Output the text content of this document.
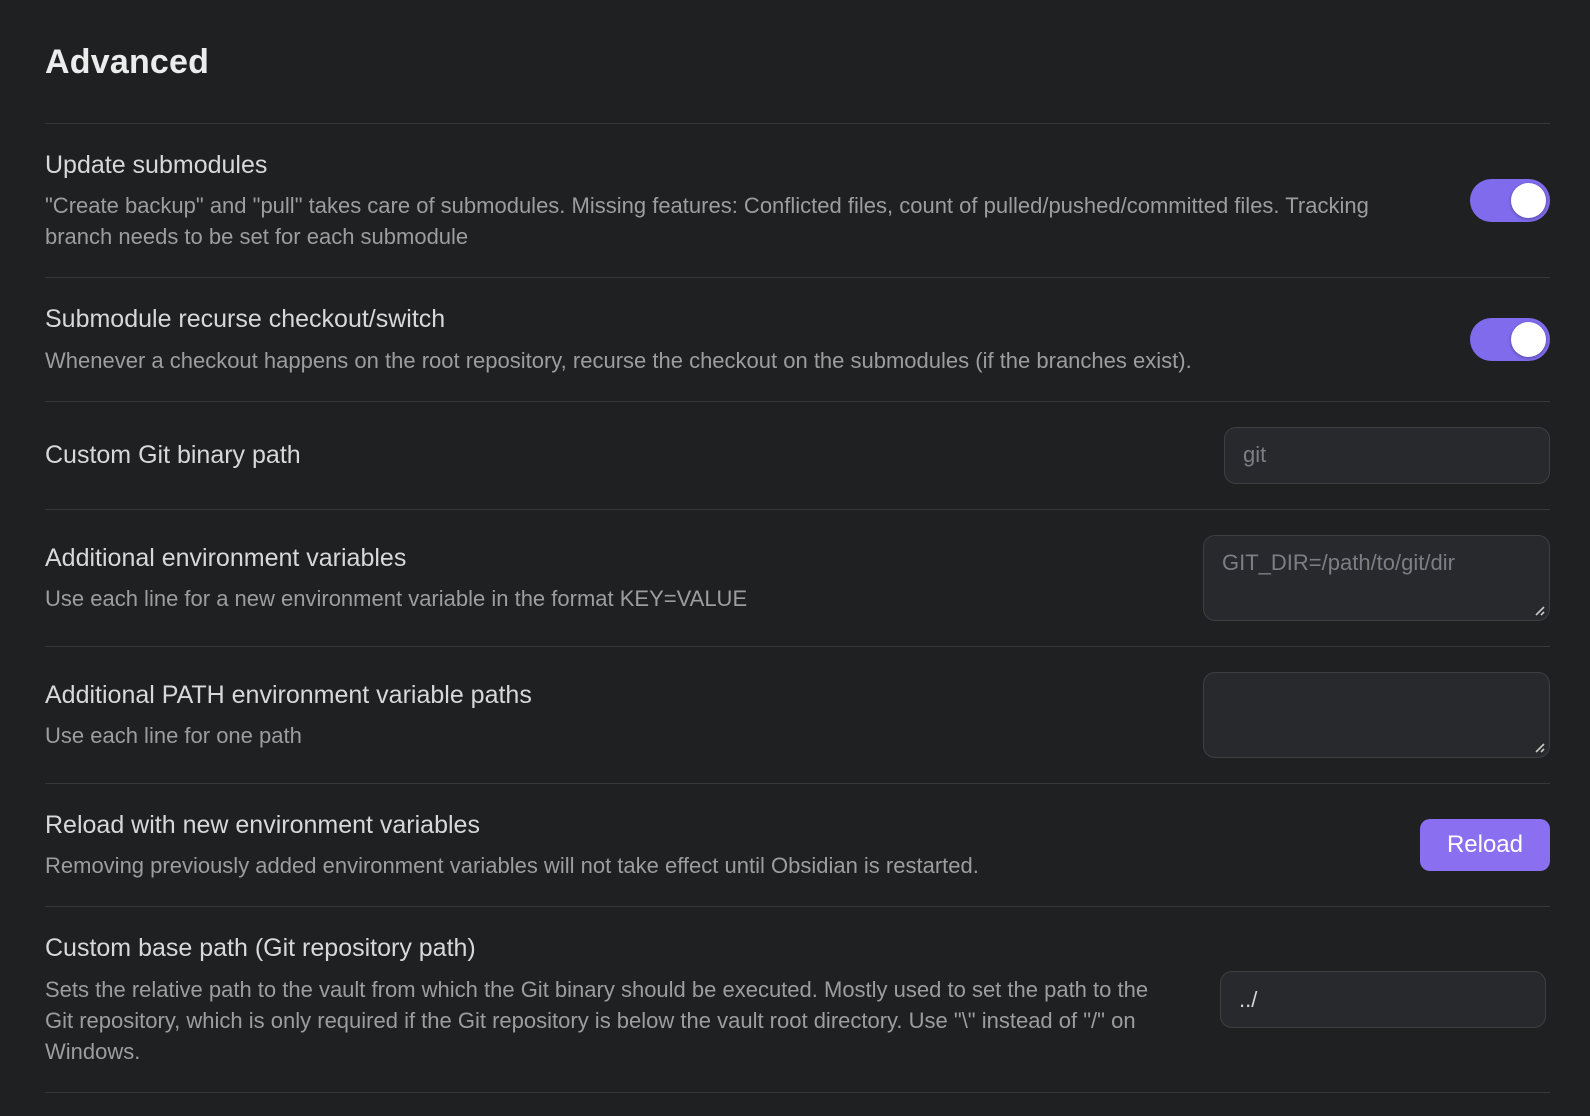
Advanced
Update submodules
"Create backup" and "pull" takes care of submodules. Missing features: Conflicted files, count of pulled/pushed/committed files. Tracking branch needs to be set for each submodule
Submodule recurse checkout/switch
Whenever a checkout happens on the root repository, recurse the checkout on the submodules (if the branches exist).
Custom Git binary path
git
Additional environment variables
Use each line for a new environment variable in the format KEY=VALUE
GIT_DIR=/path/to/git/dir
Additional PATH environment variable paths
Use each line for one path
Reload with new environment variables
Removing previously added environment variables will not take effect until Obsidian is restarted.
Reload
Custom base path (Git repository path)
Sets the relative path to the vault from which the Git binary should be executed. Mostly used to set the path to the Git repository, which is only required if the Git repository is below the vault root directory. Use "\" instead of "/" on Windows.
../
